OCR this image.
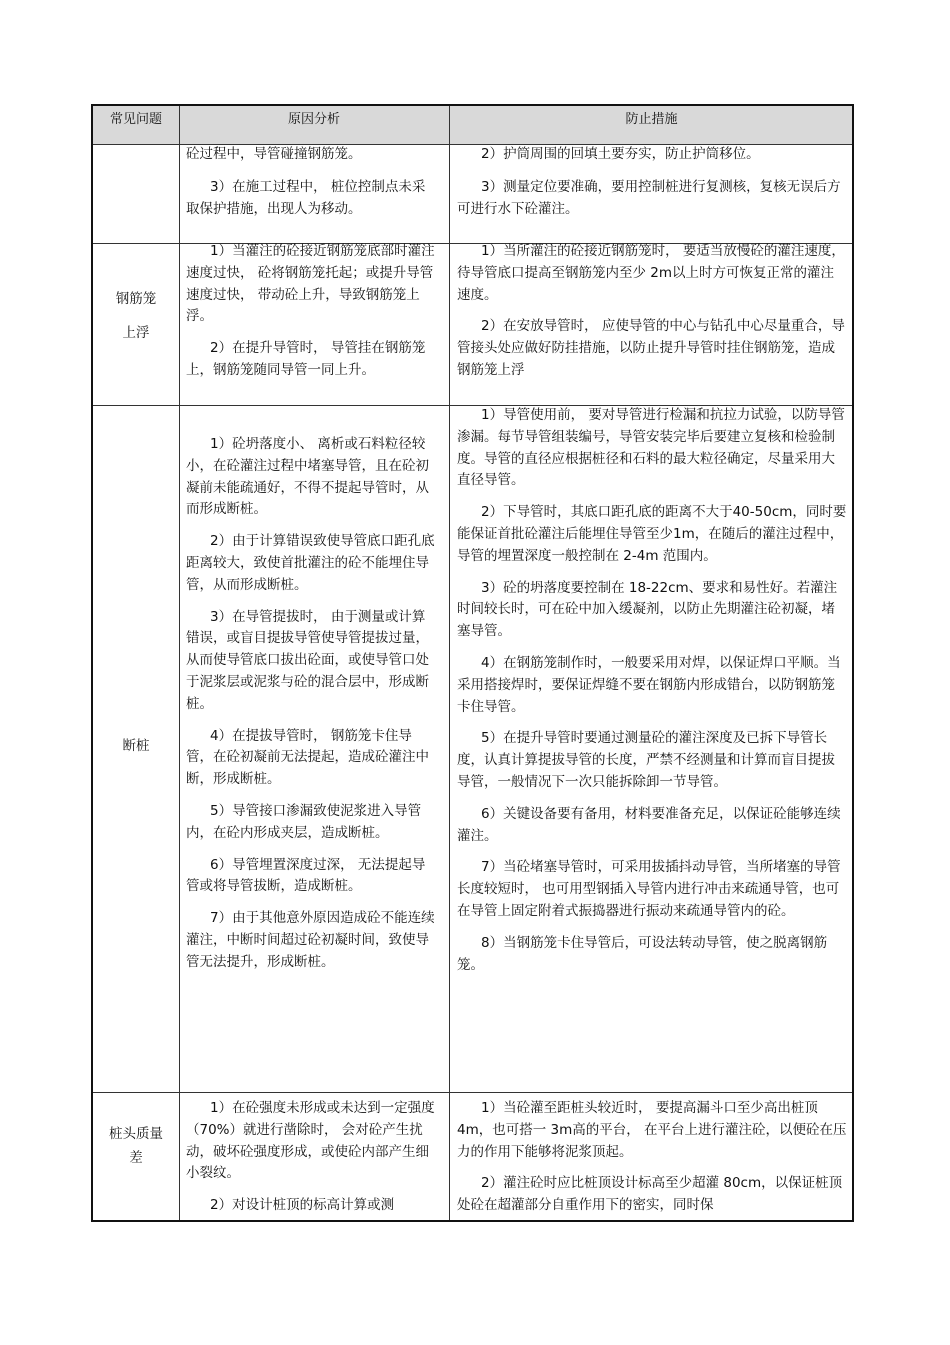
常见问题	原因分析	防止措施

砼过程中，导管碰撞钢筋笼。

3）在施工过程中， 桩位控制点未采取保护措施，出现人为移动。

2）护筒周围的回填土要夯实，防止护筒移位。

3）测量定位要准确，要用控制桩进行复测核，复核无误后方可进行水下砼灌注。

钢筋笼
上浮

1）当灌注的砼接近钢筋笼底部时灌注速度过快， 砼将钢筋笼托起；或提升导管速度过快， 带动砼上升，导致钢筋笼上浮。

2）在提升导管时， 导管挂在钢筋笼上，钢筋笼随同导管一同上升。

1）当所灌注的砼接近钢筋笼时， 要适当放慢砼的灌注速度， 待导管底口提高至钢筋笼内至少 2m以上时方可恢复正常的灌注速度。

2）在安放导管时， 应使导管的中心与钻孔中心尽量重合，导管接头处应做好防挂措施，以防止提升导管时挂住钢筋笼，造成钢筋笼上浮

断桩

1）砼坍落度小、 离析或石料粒径较小，在砼灌注过程中堵塞导管，且在砼初凝前未能疏通好，不得不提起导管时，从而形成断桩。

2）由于计算错误致使导管底口距孔底距离较大，致使首批灌注的砼不能埋住导管，从而形成断桩。

3）在导管提拔时， 由于测量或计算错误，或盲目提拔导管使导管提拔过量，从而使导管底口拔出砼面，或使导管口处于泥浆层或泥浆与砼的混合层中，形成断桩。

4）在提拔导管时， 钢筋笼卡住导管，在砼初凝前无法提起，造成砼灌注中断，形成断桩。

5）导管接口渗漏致使泥浆进入导管内，在砼内形成夹层，造成断桩。

6）导管埋置深度过深， 无法提起导管或将导管拔断，造成断桩。

7）由于其他意外原因造成砼不能连续灌注，中断时间超过砼初凝时间，致使导管无法提升，形成断桩。

1）导管使用前， 要对导管进行检漏和抗拉力试验，以防导管渗漏。每节导管组装编号，导管安装完毕后要建立复核和检验制度。导管的直径应根据桩径和石料的最大粒径确定，尽量采用大直径导管。

2）下导管时，其底口距孔底的距离不大于40-50cm，同时要能保证首批砼灌注后能埋住导管至少1m，在随后的灌注过程中，导管的埋置深度一般控制在 2-4m 范围内。

3）砼的坍落度要控制在 18-22cm、要求和易性好。若灌注时间较长时，可在砼中加入缓凝剂，以防止先期灌注砼初凝，堵塞导管。

4）在钢筋笼制作时，一般要采用对焊，以保证焊口平顺。当采用搭接焊时，要保证焊缝不要在钢筋内形成错台，以防钢筋笼卡住导管。

5）在提升导管时要通过测量砼的灌注深度及已拆下导管长度，认真计算提拔导管的长度，严禁不经测量和计算而盲目提拔导管，一般情况下一次只能拆除卸一节导管。

6）关键设备要有备用，材料要准备充足，以保证砼能够连续灌注。

7）当砼堵塞导管时，可采用拔插抖动导管，当所堵塞的导管长度较短时， 也可用型钢插入导管内进行冲击来疏通导管，也可在导管上固定附着式振捣器进行振动来疏通导管内的砼。

8）当钢筋笼卡住导管后，可设法转动导管，使之脱离钢筋笼。

桩头质量
差

1）在砼强度未形成或未达到一定强度（70%）就进行凿除时， 会对砼产生扰动，破坏砼强度形成，或使砼内部产生细小裂纹。

2）对设计桩顶的标高计算或测

1）当砼灌至距桩头较近时， 要提高漏斗口至少高出桩顶 4m，也可搭一 3m高的平台， 在平台上进行灌注砼，以便砼在压力的作用下能够将泥浆顶起。

2）灌注砼时应比桩顶设计标高至少超灌 80cm，以保证桩顶处砼在超灌部分自重作用下的密实，同时保
